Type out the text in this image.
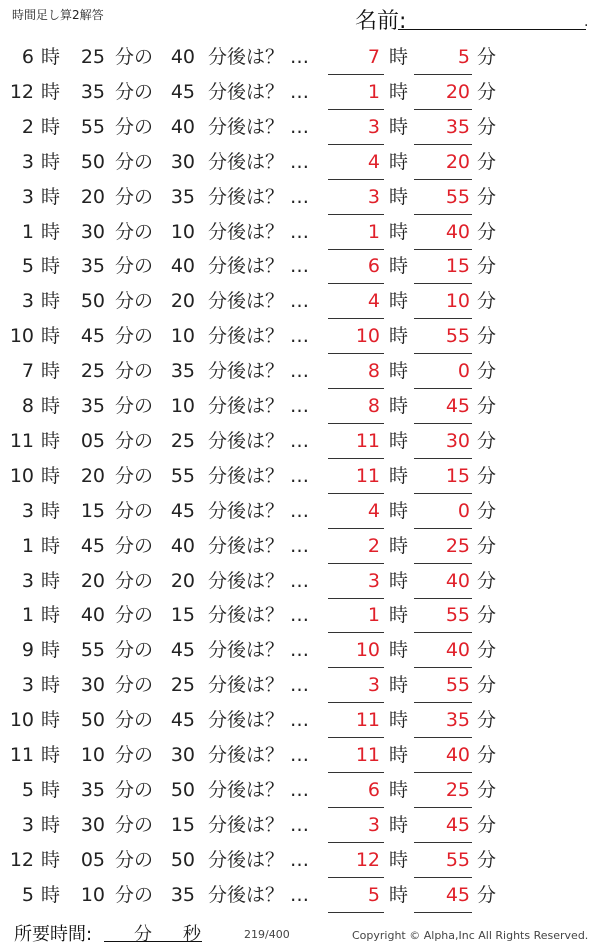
時間足し算2解答	名前:	.
6 時	25 分の 40 分後は？ …	7 時	5 分
12 時	35 分の 45 分後は？ …	1 時	20 分
2 時	55 分の 40 分後は？ …	3 時	35 分
3 時	50 分の 30 分後は？ …	4 時	20 分
3 時	20 分の 35 分後は？ …	3 時	55 分
1 時	30 分の 10 分後は？ …	1 時	40 分
5 時	35 分の 40 分後は？ …	6 時	15 分
3 時	50 分の 20 分後は？ …	4 時	10 分
10 時	45 分の 10 分後は？ …	10 時	55 分
7 時	25 分の 35 分後は？ …	8 時	0 分
8 時	35 分の 10 分後は？ …	8 時	45 分
11 時	05 分の 25 分後は？ …	11 時	30 分
10 時	20 分の 55 分後は？ …	11 時	15 分
3 時	15 分の 45 分後は？ …	4 時	0 分
1 時	45 分の 40 分後は？ …	2 時	25 分
3 時	20 分の 20 分後は？ …	3 時	40 分
1 時	40 分の 15 分後は？ …	1 時	55 分
9 時	55 分の 45 分後は？ …	10 時	40 分
3 時	30 分の 25 分後は？ …	3 時	55 分
10 時	50 分の 45 分後は？ …	11 時	35 分
11 時	10 分の 30 分後は？ …	11 時	40 分
5 時	35 分の 50 分後は？ …	6 時	25 分
3 時	30 分の 15 分後は？ …	3 時	45 分
12 時	05 分の 50 分後は？ …	12 時	55 分
5 時	10 分の 35 分後は？ …	5 時	45 分
所要時間: 分 秒	219/400	Copyright © Alpha,Inc All Rights Reserved.
